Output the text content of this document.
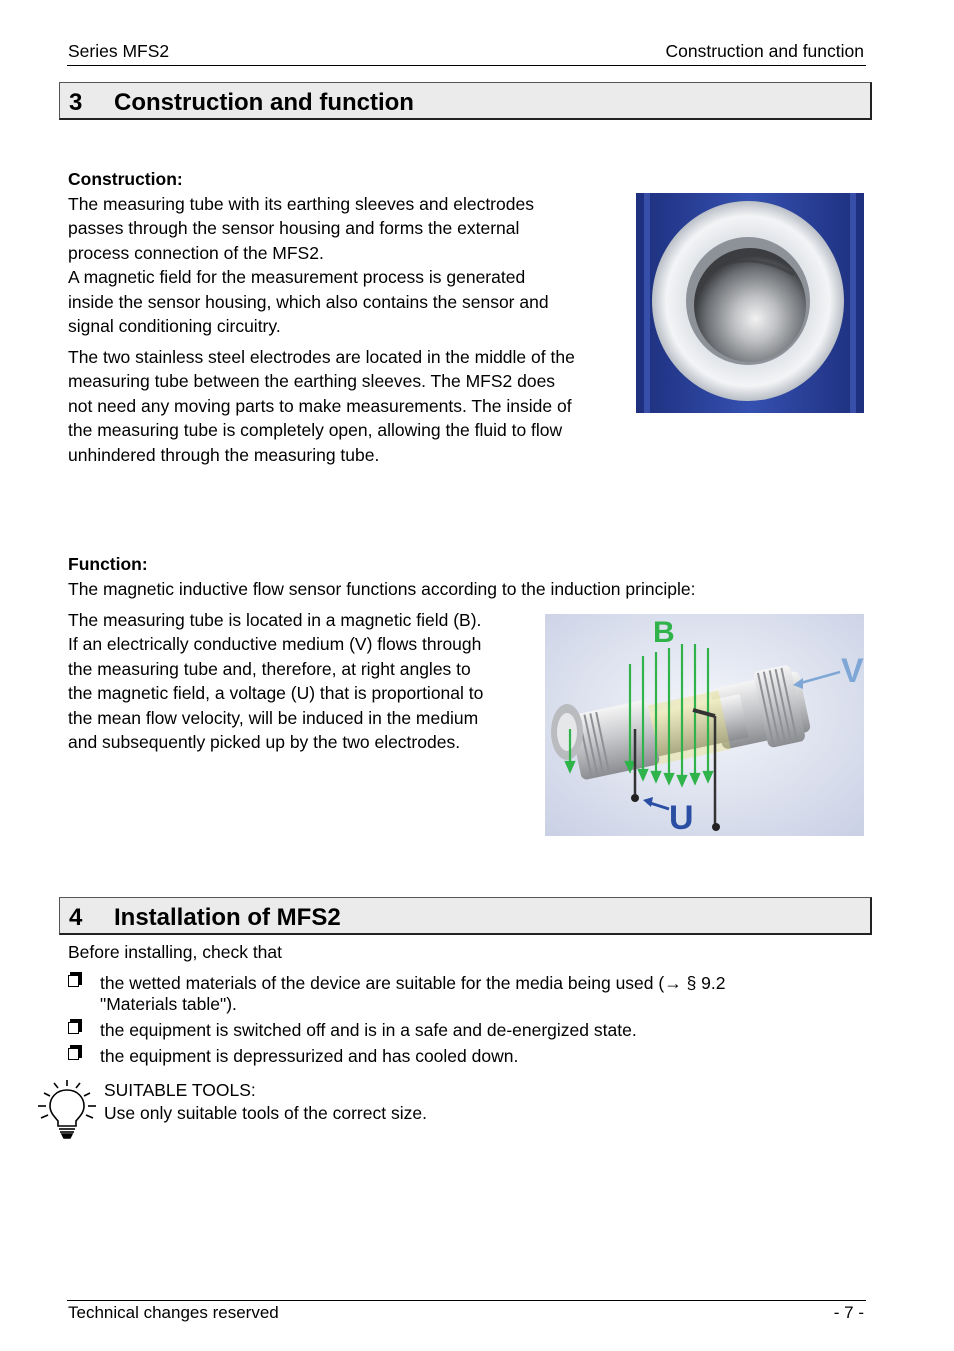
Series MFS2	Construction and function
3 Construction and function
Construction:
The measuring tube with its earthing sleeves and electrodes
passes through the sensor housing and forms the external
process connection of the MFS2.
A magnetic field for the measurement process is generated
inside the sensor housing, which also contains the sensor and
signal conditioning circuitry.
The two stainless steel electrodes are located in the middle of the
measuring tube between the earthing sleeves. The MFS2 does
not need any moving parts to make measurements. The inside of
the measuring tube is completely open, allowing the fluid to flow
unhindered through the measuring tube.
Function:
The magnetic inductive flow sensor functions according to the induction principle:
The measuring tube is located in a magnetic field (B).
If an electrically conductive medium (V) flows through
the measuring tube and, therefore, at right angles to
the magnetic field, a voltage (U) that is proportional to
the mean flow velocity, will be induced in the medium
and subsequently picked up by the two electrodes.
B
V
U
4 Installation of MFS2
Before installing, check that
the wetted materials of the device are suitable for the media being used (→ § 9.2
"Materials table").
the equipment is switched off and is in a safe and de-energized state.
the equipment is depressurized and has cooled down.
SUITABLE TOOLS:
Use only suitable tools of the correct size.
Technical changes reserved	- 7 -
